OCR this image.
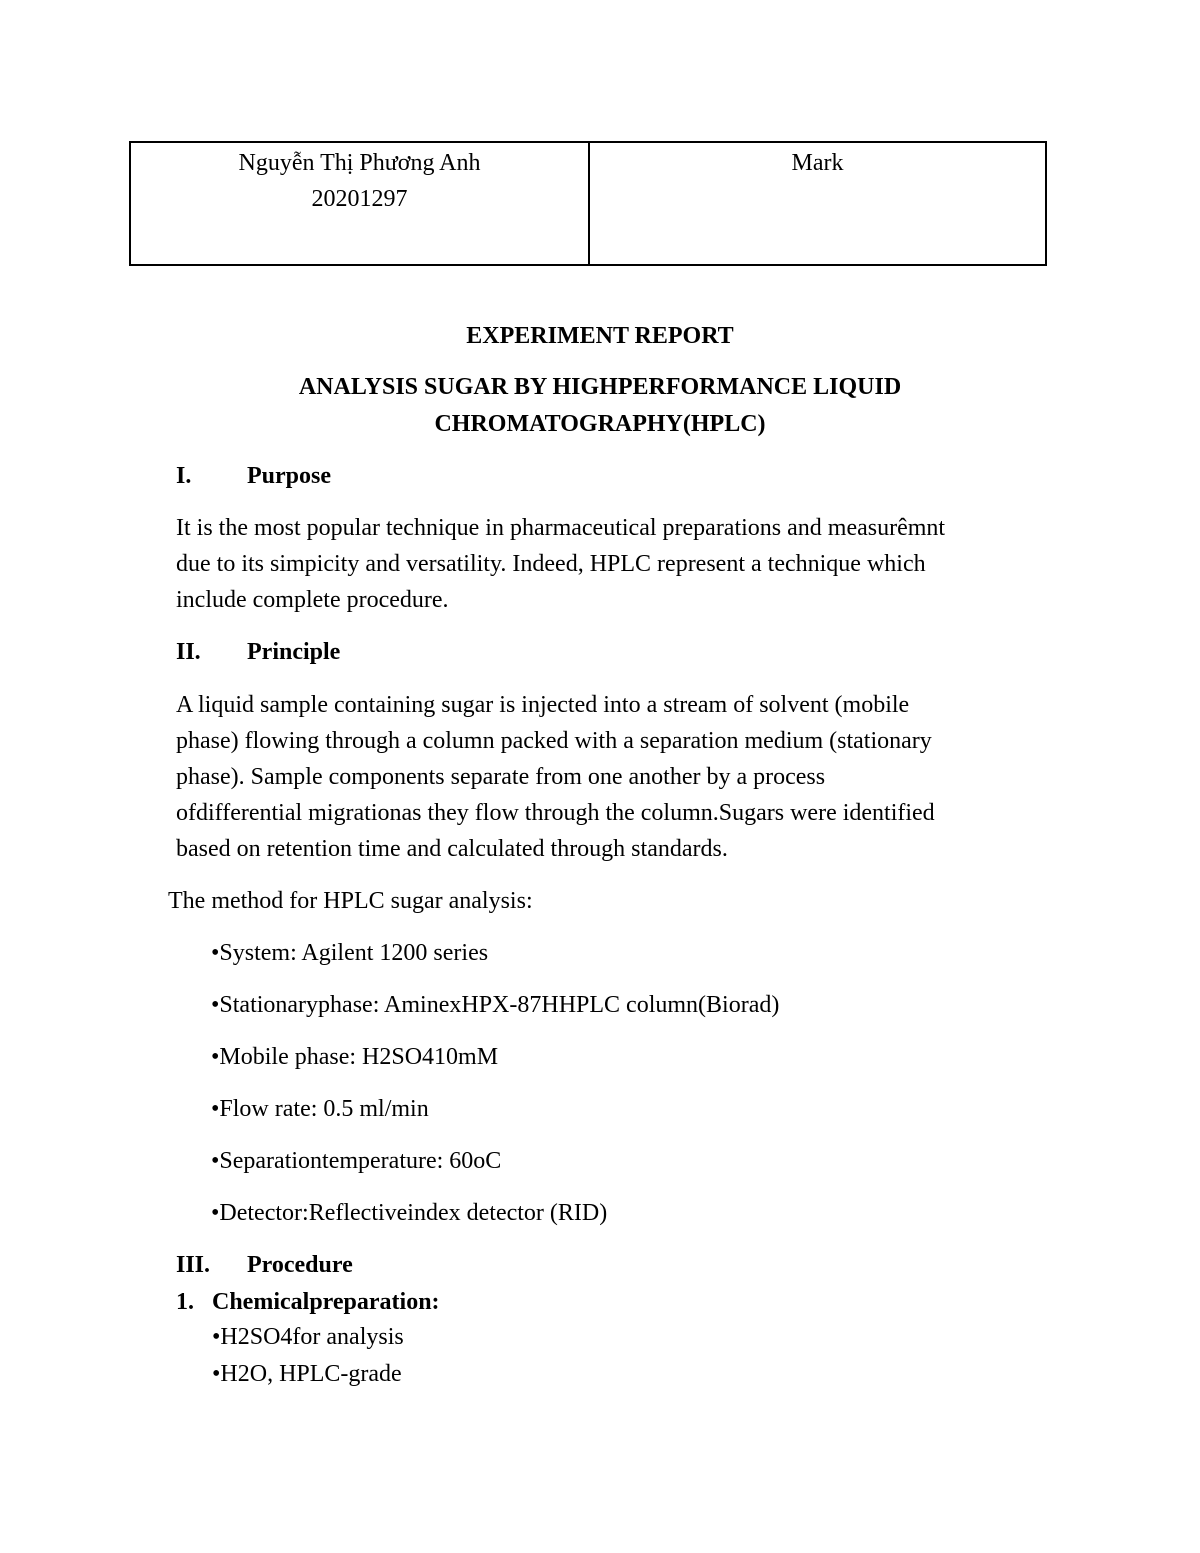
Nguyễn Thị Phương Anh
20201297
Mark
EXPERIMENT REPORT
ANALYSIS SUGAR BY HIGHPERFORMANCE LIQUID
CHROMATOGRAPHY(HPLC)
I. Purpose
It is the most popular technique in pharmaceutical preparations and measurêmnt
due to its simpicity and versatility. Indeed, HPLC represent a technique which
include complete procedure.
II. Principle
A liquid sample containing sugar is injected into a stream of solvent (mobile
phase) flowing through a column packed with a separation medium (stationary
phase). Sample components separate from one another by a process
ofdifferential migrationas they flow through the column.Sugars were identified
based on retention time and calculated through standards.
The method for HPLC sugar analysis:
•System: Agilent 1200 series
•Stationaryphase: AminexHPX-87HHPLC column(Biorad)
•Mobile phase: H2SO410mM
•Flow rate: 0.5 ml/min
•Separationtemperature: 60oC
•Detector:Reflectiveindex detector (RID)
III. Procedure
1. Chemicalpreparation:
•H2SO4for analysis
•H2O, HPLC-grade
